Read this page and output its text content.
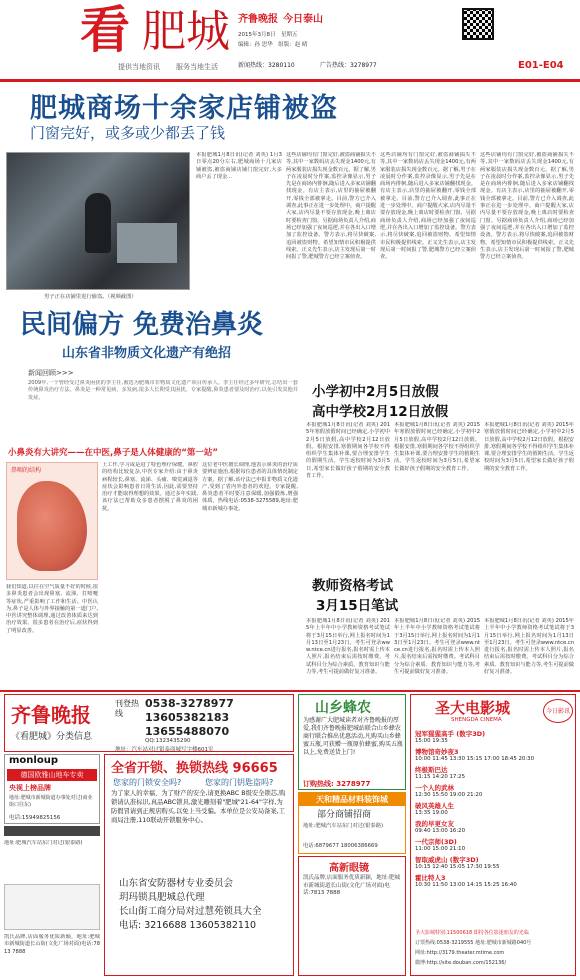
看 肥城
提供当地资讯 服务当地生活
齐鲁晚报 今日泰山
2015年3月8日　星期五
编辑：孙 思华　组版：赵 晴
新闻热线：3280110	广告热线：3278977	E01-E04
肥城商场十余家店铺被盗
门窗完好，或多或少都丢了钱
男子正在店铺里进行偷盗。（视频截图）
本报肥城1月8日讯(记者 刘英) 1月3日零点20分左右,肥城商场十几家店铺被盗,被盗商铺店铺门窗完好,大多商户丢了现金...
这些店铺均有门窗完好,被盗商铺损失不等,其中一家数码店丢失现金1400元,有两家服装店损失现金数百元。据了解,男子在凌晨时分作案,监控录像显示,男子先是在商场内徘徊,随后进入多家店铺翻找现金。有店主表示,店里的抽屉被翻开,零钱全部被拿走。目前,警方已介入调查,此事正在进一步处理中。商户提醒大家,店内尽量不要存放现金,晚上离店时要检查门窗。另据商场负责人介绍,商场已经加强了夜间巡逻,并在各出入口增加了监控设备。警方表示,将尽快破案,追回被盗财物。希望知情市民积极提供线索。正义先生表示,店主发现后第一时间报了警,肥城警方已经立案侦查。
这些店铺均有门窗完好,被盗商铺损失不等,其中一家数码店丢失现金1400元,有两家服装店损失现金数百元。据了解,男子在凌晨时分作案,监控录像显示,男子先是在商场内徘徊,随后进入多家店铺翻找现金。有店主表示,店里的抽屉被翻开,零钱全部被拿走。目前,警方已介入调查,此事正在进一步处理中。商户提醒大家,店内尽量不要存放现金,晚上离店时要检查门窗。另据商场负责人介绍,商场已经加强了夜间巡逻,并在各出入口增加了监控设备。警方表示,将尽快破案,追回被盗财物。希望知情市民积极提供线索。正义先生表示,店主发现后第一时间报了警,肥城警方已经立案侦查。
这些店铺均有门窗完好,被盗商铺损失不等,其中一家数码店丢失现金1400元,有两家服装店损失现金数百元。据了解,男子在凌晨时分作案,监控录像显示,男子先是在商场内徘徊,随后进入多家店铺翻找现金。有店主表示,店里的抽屉被翻开,零钱全部被拿走。目前,警方已介入调查,此事正在进一步处理中。商户提醒大家,店内尽量不要存放现金,晚上离店时要检查门窗。另据商场负责人介绍,商场已经加强了夜间巡逻,并在各出入口增加了监控设备。警方表示,将尽快破案,追回被盗财物。希望知情市民积极提供线索。正义先生表示,店主发现后第一时间报了警,肥城警方已经立案侦查。
民间偏方 免费治鼻炎
山东省非物质文化遗产有绝招
新闻回顾>>>
2009年,一个曾经受过鼻炎困扰的李主任,被选为肥城市非物质文化遗产项目传承人。李主任经过多年研究,总结出一套传统鼻炎治疗方法。鼻炎是一种常见病、多发病,很多人长期受其困扰。专家提醒,鼻炎患者要及时治疗,以免引发其他并发症。
小鼻炎有大讲究——在中医,鼻子是人体健康的“第一站”
鼻咽的结构
我们知道,以往在空气质量不好的时候,很多鼻炎患者会出现鼻塞、流涕、打喷嚏等症状,严重影响了工作和生活。中医认为,鼻子是人体与外界接触的第一道门户,中医讲究整体调理,通过改善体质来达到治疗效果。很多患者在治疗后,症状得到了明显改善。
上工作,学习或是进了特色理疗保健。鼻腔的结构比较复杂,中医专家介绍:由于鼻炎病程较长,鼻塞、流涕、头痛、嗅觉减退等症状会影响患者日常生活,因此,需要坚持治疗才能取得理想的效果。通过多年实践,该疗法已帮助众多患者摆脱了鼻炎的困扰。
这位老中医擅长调理,他表示鼻炎的治疗需要辨证施治,根据每位患者的具体情况制定方案。据了解,该疗法已申报非物质文化遗产,受到了省内外患者的欢迎。专家提醒,鼻炎患者平时要注意保暖,加强锻炼,增强体质。热线电话:0538-3275589,地址:肥城市新城办事处。
小学初中2月5日放假
高中学校2月12日放假
本报肥城1月8日讯(记者 刘英) 2015年寒假放假时间已经确定,小学初中2月5日放假,高中学校2月12日放假。根据安排,寒假期间各学校不得组织学生集体补课,要合理安排学生的假期生活。学生返校时间为3月5日,希望家长做好孩子假期的安全教育工作。
本报肥城1月8日讯(记者 刘英) 2015年寒假放假时间已经确定,小学初中2月5日放假,高中学校2月12日放假。根据安排,寒假期间各学校不得组织学生集体补课,要合理安排学生的假期生活。学生返校时间为3月5日,希望家长做好孩子假期的安全教育工作。
本报肥城1月8日讯(记者 刘英) 2015年寒假放假时间已经确定,小学初中2月5日放假,高中学校2月12日放假。根据安排,寒假期间各学校不得组织学生集体补课,要合理安排学生的假期生活。学生返校时间为3月5日,希望家长做好孩子假期的安全教育工作。
教师资格考试
3月15日笔试
本报肥城1月8日讯(记者 刘英) 2015年上半年中小学教师资格考试笔试将于3月15日举行,网上报名时间为1月13日至1月23日。考生可登录www.ntce.cn进行报名,报名时需上传本人照片,报名结束后需按时缴费。考试科目分为综合素质、教育知识与能力等,考生可提前做好复习准备。
本报肥城1月8日讯(记者 刘英) 2015年上半年中小学教师资格考试笔试将于3月15日举行,网上报名时间为1月13日至1月23日。考生可登录www.ntce.cn进行报名,报名时需上传本人照片,报名结束后需按时缴费。考试科目分为综合素质、教育知识与能力等,考生可提前做好复习准备。
本报肥城1月8日讯(记者 刘英) 2015年上半年中小学教师资格考试笔试将于3月15日举行,网上报名时间为1月13日至1月23日。考生可登录www.ntce.cn进行报名,报名时需上传本人照片,报名结束后需按时缴费。考试科目分为综合素质、教育知识与能力等,考生可提前做好复习准备。
齐鲁晚报
《看肥城》分类信息
刊登热线
0538-3278977
13605382183
13655488070
QQ:1323435290
地址：汽车站对过银泰商城写字楼601室
monloup
德国欧雅山地车专卖
央视上榜品牌
地址:肥城市新城街道办事处对过(商业街口往东)
电话:15949825156
地址:肥城汽车站东门对过(银泰路)
凯氏品牌,店面服务优质新颖，地址:肥城市新城街道长山街(文化广场对面)电话:7813 7888
全省开锁、换锁热线 96665
您家的门锁安全吗?	您家的门钥匙盗吗?
为了家人的幸福、为了财产的安全,请更换ABC B级安全锁芯,购锁请认准标识,真品ABC锁具,激光雕刻着"肥城"21-64"字样,为防假冒请到正规店购买,以免上当受骗。本单位是公安局备案,工商局注册,110联动开锁服务中心。
山东省安防器材专业委员会
玥玛锁具肥城总代理
长山街工商分局对过慧苑锁具大全
电话: 3216688 13605382110
山乡蜂农
为感谢广大肥城读者对齐鲁晚报的厚爱,我们齐鲁晚报肥城站联合山乡蜂农商行联合推出优惠活动,凡购买山乡蜂蜜五瓶,可获赠一瓶原价蜂蜜,购买五瓶以上,免费送货上门!
订购热线: 3278977
天和精品材料装饰城
部分商铺招商
地址:肥城汽车站东门对过(银泰路)
电话:6879677 18006386669
高新眼镜
凯氏品牌,店面服务优质新颖，地址:肥城市新城街道长山街(文化广场对面)电话:7813 7888
圣大电影城
SHENGDA CINEMA
今日影讯
冠军猩猩高手 (数字3D)
15:00 19:35
博物馆奇妙夜3
10:00 11:45 13:30 15:15 17:00 18:45 20:30
终极斯巴达
11:15 14:20 17:25
一个人的武林
12:30 15:50 19:00 21:20
破风英雄人生
13:35 19:00
我的早更女友
09:40 13:00 16:20
一代宗师(3D)
11:00 15:00 21:10
智取威虎山 (数字3D)
10:15 12:40 15:05 17:30 19:55
霍比特人3
10:30 11:50 13:00 14:15 15:25 16:40
圣大影城特别:11500618 即持各位影迷朋友的光临
订票热线:0538-3219555 地址:肥城市新城路040号
网址:http://3179.theater.mtime.com
微博:http://site.douban.com/152136/
